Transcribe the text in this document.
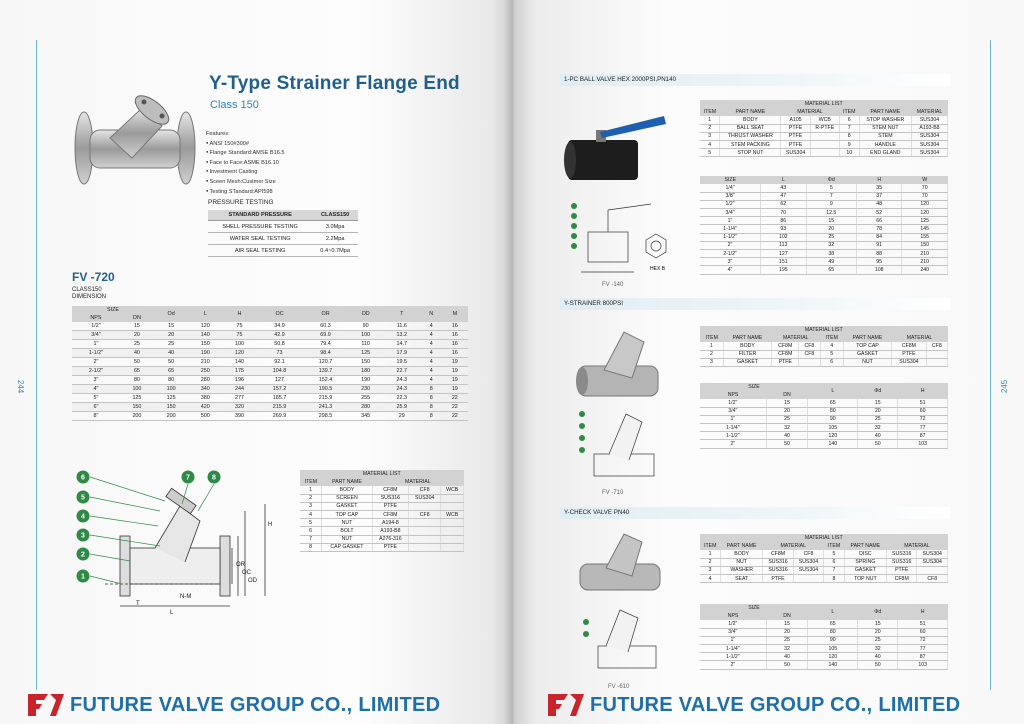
244
Y-Type Strainer Flange End
Class 150
Features:
● ANSI 150#300#
● Flange Standard:AMSE B16.5
● Face to Face:ASME B16.10
● Investment Casting
● Sceen Mesh:Custmer Size
● Testing STandard:API598
PRESSURE TESTING
STANDARD PRESSURE	CLASS150
SHELL PRESSURE TESTING	3.0Mpa
WATER SEAL TESTING	2.2Mpa
AIR SEAL TESTING	0.4~0.7Mpa
FV -720
CLASS150
DIMENSION
SIZE		Od	L	H	OC	OR	OD	T	N	M
NPS	DN									
1/2"	15	15	120	75	34.9	60.3	90	11.6	4	16
3/4"	20	20	140	75	42.9	69.9	100	13.2	4	16
1"	25	25	150	100	50.8	79.4	110	14.7	4	16
1-1/2"	40	40	190	120	73	98.4	125	17.9	4	16
2"	50	50	210	140	92.1	120.7	150	19.5	4	19
2-1/2"	65	65	250	175	104.8	139.7	180	22.7	4	19
3"	80	80	280	196	127	152.4	190	24.3	4	19
4"	100	100	340	244	157.2	190.5	230	24.3	8	19
5"	125	125	380	277	185.7	215.9	255	22.3	8	22
6"	150	150	420	320	215.9	241.3	280	25.9	8	22
8"	200	200	500	390	269.9	298.5	345	29	8	22
T
N-M
L
H
OR
OC
OD
6
5
4
3
2
1
7	8
MATERIAL LIST				
ITEM	PART NAME	MATERIAL		
1	BODY	CF8M	CF8	WCB
2	SCREEN	SUS316	SUS304	
3	GASKET	PTFE		
4	TOP CAP	CF8M	CF8	WCB
5	NUT	A194-8		
6	BOLT	A193-B8		
7	NUT	A276-316		
8	CAP GASKET	PTFE		
FUTURE VALVE GROUP CO., LIMITED
245
1-PC BALL VALVE HEX 2000PSI,PN140
HEX B
FV -140
MATERIAL LIST						
ITEM	PART NAME	MATERIAL		ITEM	PART NAME	MATERIAL
1	BODY	A105	WCB	6	STOP WASHER	SUS304
2	BALL SEAT	PTFE	R-PTFE	7	STEM NUT	A193-B8
3	THRUST WASHER	PTFE		8	STEM	SUS304
4	STEM PACKING	PTFE		9	HANDLE	SUS304
5	STOP NUT	SUS304		10	END GLAND	SUS304
SIZE	L	Φd	H	W
1/4"	43	5	35	70
3/8"	47	7	37	70
1/2"	62	9	48	120
3/4"	70	12.5	52	120
1"	86	15	66	125
1-1/4"	93	20	78	145
1-1/2"	102	25	84	155
2"	113	32	91	150
2-1/2"	127	38	88	210
3"	151	49	95	210
4"	195	65	108	240
Y-STRAINER 800PSI
FV -710
MATERIAL LIST							
ITEM	PART NAME	MATERIAL		ITEM	PART NAME	MATERIAL	
1	BODY	CF8M	CF8	4	TOP CAP	CF8M	CF8
2	FILTER	CF8M	CF8	5	GASKET	PTFE	
3	GASKET	PTFE		6	NUT	SUS304	
SIZE		L	Φd	H
NPS	DN			
1/2"	15	65	15	51
3/4"	20	80	20	60
1"	25	90	25	72
1-1/4"	32	105	32	77
1-1/2"	40	120	40	87
2"	50	140	50	103
Y-CHECK VALVE PN40
FV -610
MATERIAL LIST							
ITEM	PART NAME	MATERIAL		ITEM	PART NAME	MATERIAL	
1	BODY	CF8M	CF8	5	DISC	SUS316	SUS304
2	NUT	SUS316	SUS304	6	SPRING	SUS316	SUS304
3	WASHER	SUS316	SUS304	7	GASKET	PTFE	
4	SEAT	PTFE		8	TOP NUT	CF8M	CF8
SIZE		L	Φd	H
NPS	DN			
1/2"	15	65	15	51
3/4"	20	80	20	60
1"	25	90	25	72
1-1/4"	32	105	32	77
1-1/2"	40	120	40	87
2"	50	140	50	103
FUTURE VALVE GROUP CO., LIMITED
